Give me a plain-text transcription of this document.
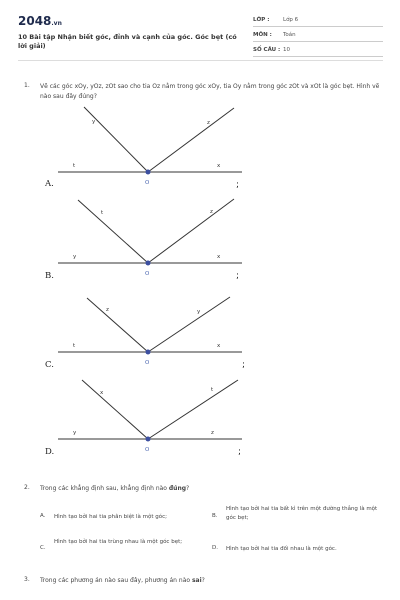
2048.vn
10 Bài tập Nhận biết góc, đỉnh và cạnh của góc. Góc bẹt (có lời giải)
LỚP :	Lớp 6
MÔN :	Toán
SỐ CÂU : 10
1. Vẽ các góc xOy, yOz, zOt sao cho tia Oz nằm trong góc xOy, tia Oy nằm trong góc zOt và xOt là góc bẹt. Hình vẽ nào sau đây đúng?
A.
t	x
y	z
O	;
B.
y	x
t	z
O	;
C.
t	x
z	y
O	;
D.
y	z
x	t
O	;
2. Trong các khẳng định sau, khẳng định nào đúng?
A. Hình tạo bởi hai tia phân biệt là một góc;	B.
Hình tạo bởi hai tia bất kì trên một đường thẳng là một góc bẹt;
C.
Hình tạo bởi hai tia trùng nhau là một góc bẹt;
D. Hình tạo bởi hai tia đối nhau là một góc.
3. Trong các phương án nào sau đây, phương án nào sai?
